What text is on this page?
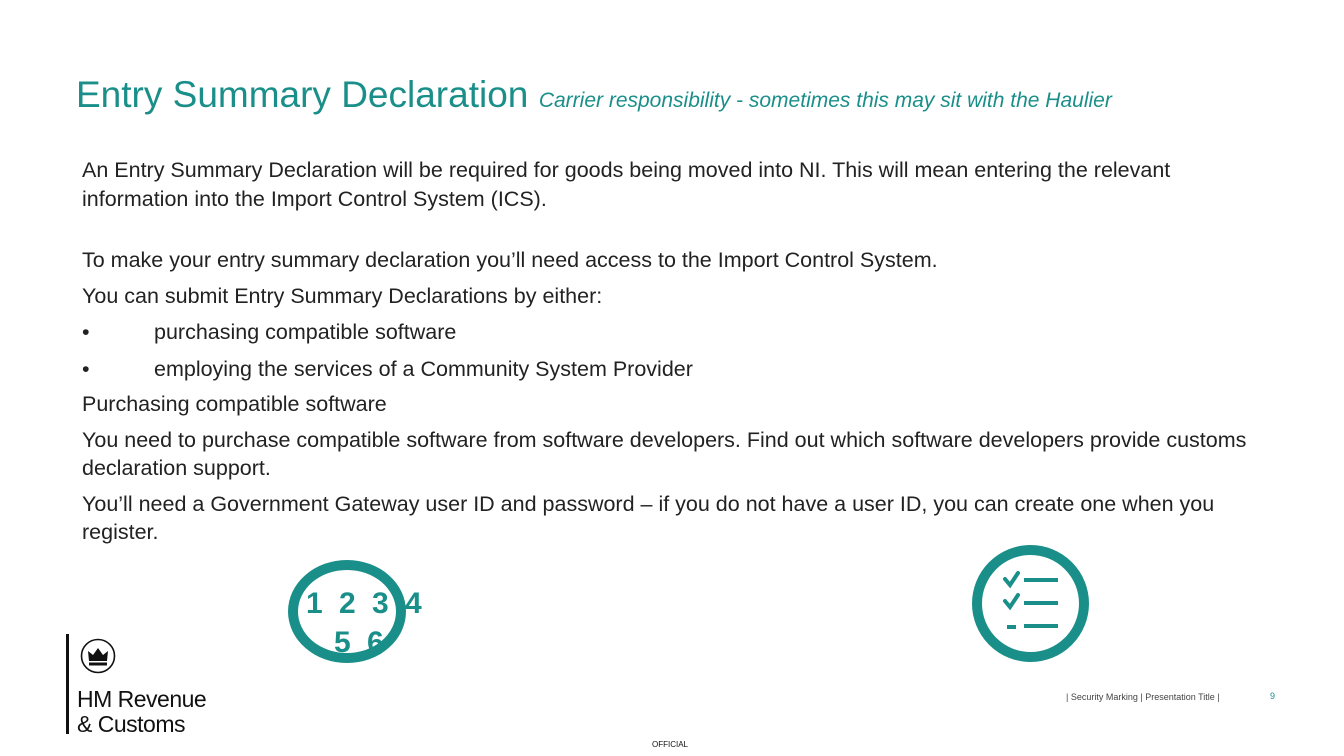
Entry Summary Declaration Carrier responsibility - sometimes this may sit with the Haulier

An Entry Summary Declaration will be required for goods being moved into NI. This will mean entering the relevant information into the Import Control System (ICS).

To make your entry summary declaration you’ll need access to the Import Control System.

You can submit Entry Summary Declarations by either:

•	purchasing compatible software
•	employing the services of a Community System Provider

Purchasing compatible software

You need to purchase compatible software from software developers. Find out which software developers provide customs declaration support.

You’ll need a Government Gateway user ID and password – if you do not have a user ID, you can create one when you register.

1 2 3 4
5 6
HM Revenue
& Customs
| Security Marking | Presentation Title |	9
OFFICIAL
